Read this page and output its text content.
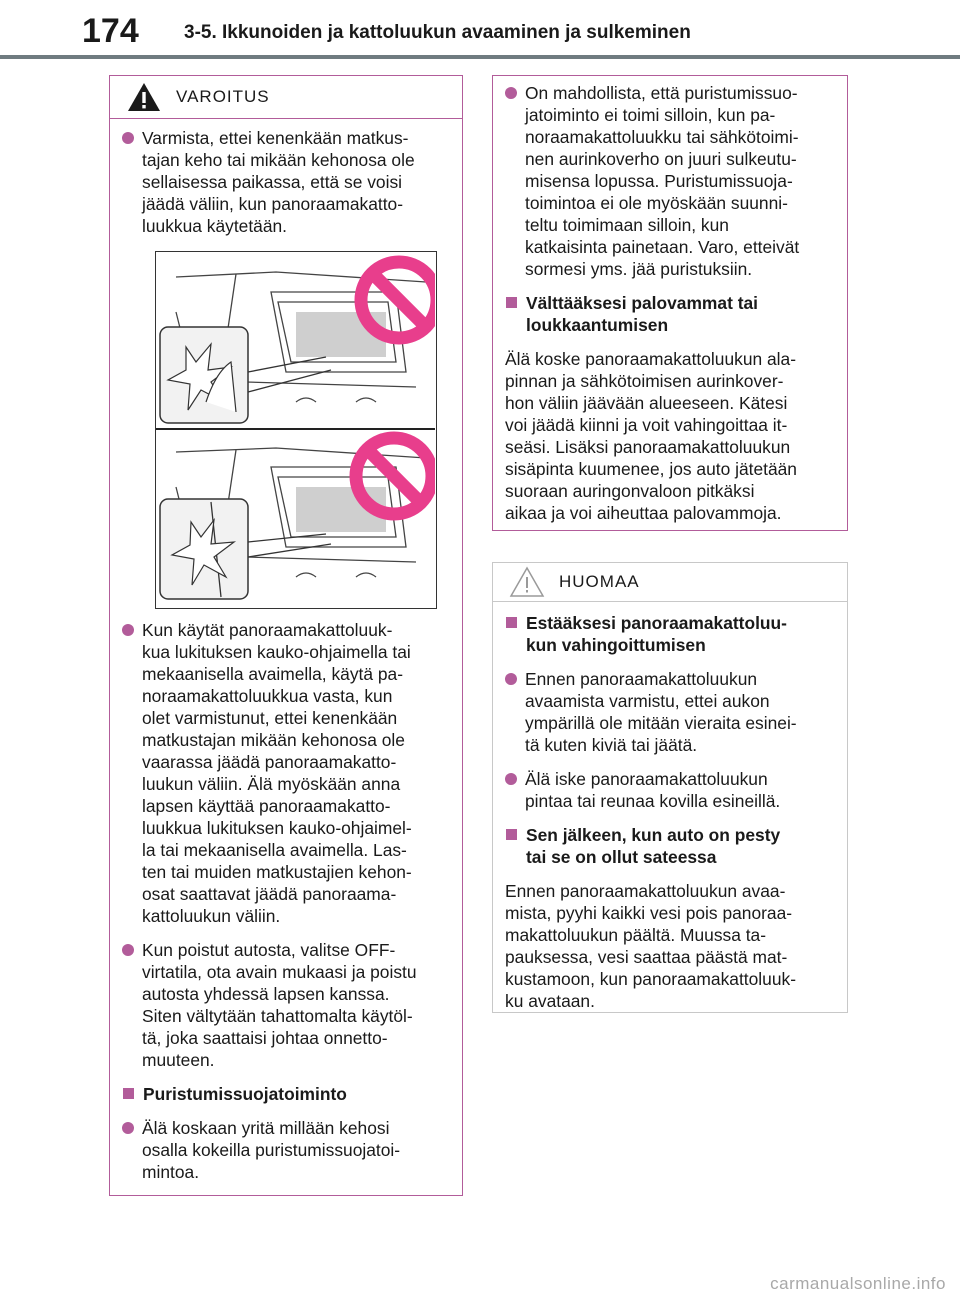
174 3-5. Ikkunoiden ja kattoluukun avaaminen ja sulkeminen
VAROITUS
Varmista, ettei kenenkään matkus-
tajan keho tai mikään kehonosa ole
sellaisessa paikassa, että se voisi
jäädä väliin, kun panoraamakatto-
luukkua käytetään.
Kun käytät panoraamakattoluuk-
kua lukituksen kauko-ohjaimella tai
mekaanisella avaimella, käytä pa-
noraamakattoluukkua vasta, kun
olet varmistunut, ettei kenenkään
matkustajan mikään kehonosa ole
vaarassa jäädä panoraamakatto-
luukun väliin. Älä myöskään anna
lapsen käyttää panoraamakatto-
luukkua lukituksen kauko-ohjaimel-
la tai mekaanisella avaimella. Las-
ten tai muiden matkustajien kehon-
osat saattavat jäädä panoraama-
kattoluukun väliin.
Kun poistut autosta, valitse OFF-
virtatila, ota avain mukaasi ja poistu
autosta yhdessä lapsen kanssa.
Siten vältytään tahattomalta käytöl-
tä, joka saattaisi johtaa onnetto-
muuteen.
Puristumissuojatoiminto
Älä koskaan yritä millään kehosi
osalla kokeilla puristumissuojatoi-
mintoa.
On mahdollista, että puristumissuo-
jatoiminto ei toimi silloin, kun pa-
noraamakattoluukku tai sähkötoimi-
nen aurinkoverho on juuri sulkeutu-
misensa lopussa. Puristumissuoja-
toimintoa ei ole myöskään suunni-
teltu toimimaan silloin, kun
katkaisinta painetaan. Varo, etteivät
sormesi yms. jää puristuksiin.
Välttääksesi palovammat tai
loukkaantumisen
Älä koske panoraamakattoluukun ala-
pinnan ja sähkötoimisen aurinkover-
hon väliin jäävään alueeseen. Kätesi
voi jäädä kiinni ja voit vahingoittaa it-
seäsi. Lisäksi panoraamakattoluukun
sisäpinta kuumenee, jos auto jätetään
suoraan auringonvaloon pitkäksi
aikaa ja voi aiheuttaa palovammoja.
HUOMAA
Estääksesi panoraamakattoluu-
kun vahingoittumisen
Ennen panoraamakattoluukun
avaamista varmistu, ettei aukon
ympärillä ole mitään vieraita esinei-
tä kuten kiviä tai jäätä.
Älä iske panoraamakattoluukun
pintaa tai reunaa kovilla esineillä.
Sen jälkeen, kun auto on pesty
tai se on ollut sateessa
Ennen panoraamakattoluukun avaa-
mista, pyyhi kaikki vesi pois panoraa-
makattoluukun päältä. Muussa ta-
pauksessa, vesi saattaa päästä mat-
kustamoon, kun panoraamakattoluuk-
ku avataan.
carmanualsonline.info
